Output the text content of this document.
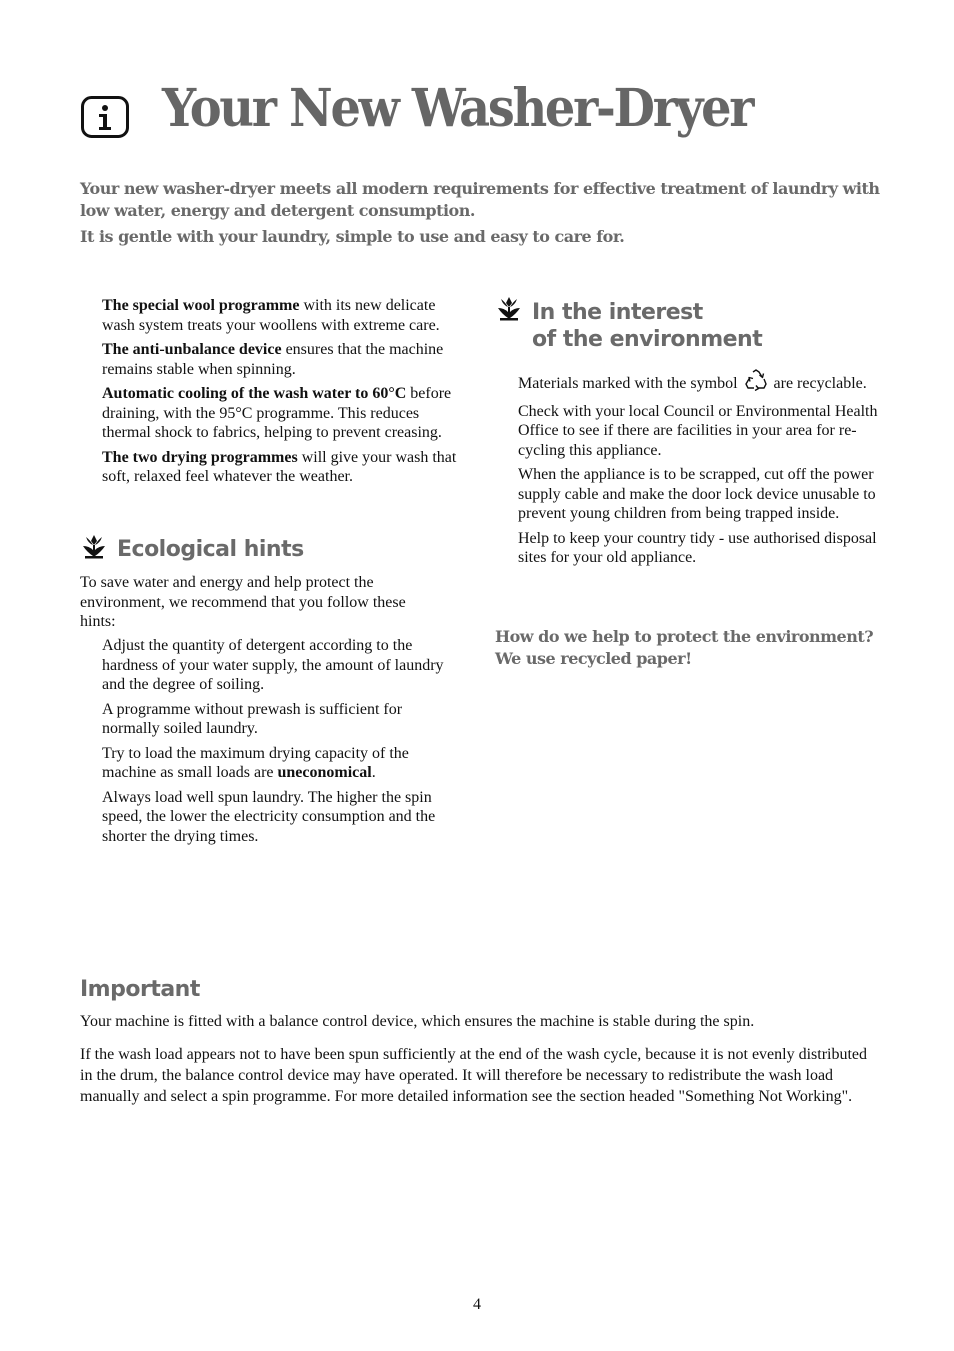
Your New Washer-Dryer

Your new washer-dryer meets all modern requirements for effective treatment of laundry with low water, energy and detergent consumption.

It is gentle with your laundry, simple to use and easy to care for.

The special wool programme with its new delicate wash system treats your woollens with extreme care.

The anti-unbalance device ensures that the machine remains stable when spinning.

Automatic cooling of the wash water to 60°C before draining, with the 95°C programme. This reduces thermal shock to fabrics, helping to prevent creasing.

The two drying programmes will give your wash that soft, relaxed feel whatever the weather.

Ecological hints

To save water and energy and help protect the environment, we recommend that you follow these hints:

Adjust the quantity of detergent according to the hardness of your water supply, the amount of laundry and the degree of soiling.

A programme without prewash is sufficient for normally soiled laundry.

Try to load the maximum drying capacity of the machine as small loads are uneconomical.

Always load well spun laundry. The higher the spin speed, the lower the electricity consumption and the shorter the drying times.

In the interest
of the environment

Materials marked with the symbol  are recyclable.

Check with your local Council or Environmental Health Office to see if there are facilities in your area for re-cycling this appliance.

When the appliance is to be scrapped, cut off the power supply cable and make the door lock device unusable to prevent young children from being trapped inside.

Help to keep your country tidy - use authorised disposal sites for your old appliance.

How do we help to protect the environment?

We use recycled paper!

Important

Your machine is fitted with a balance control device, which ensures the machine is stable during the spin.

If the wash load appears not to have been spun sufficiently at the end of the wash cycle, because it is not evenly distributed in the drum, the balance control device may have operated. It will therefore be necessary to redistribute the wash load manually and select a spin programme. For more detailed information see the section headed "Something Not Working".

4
